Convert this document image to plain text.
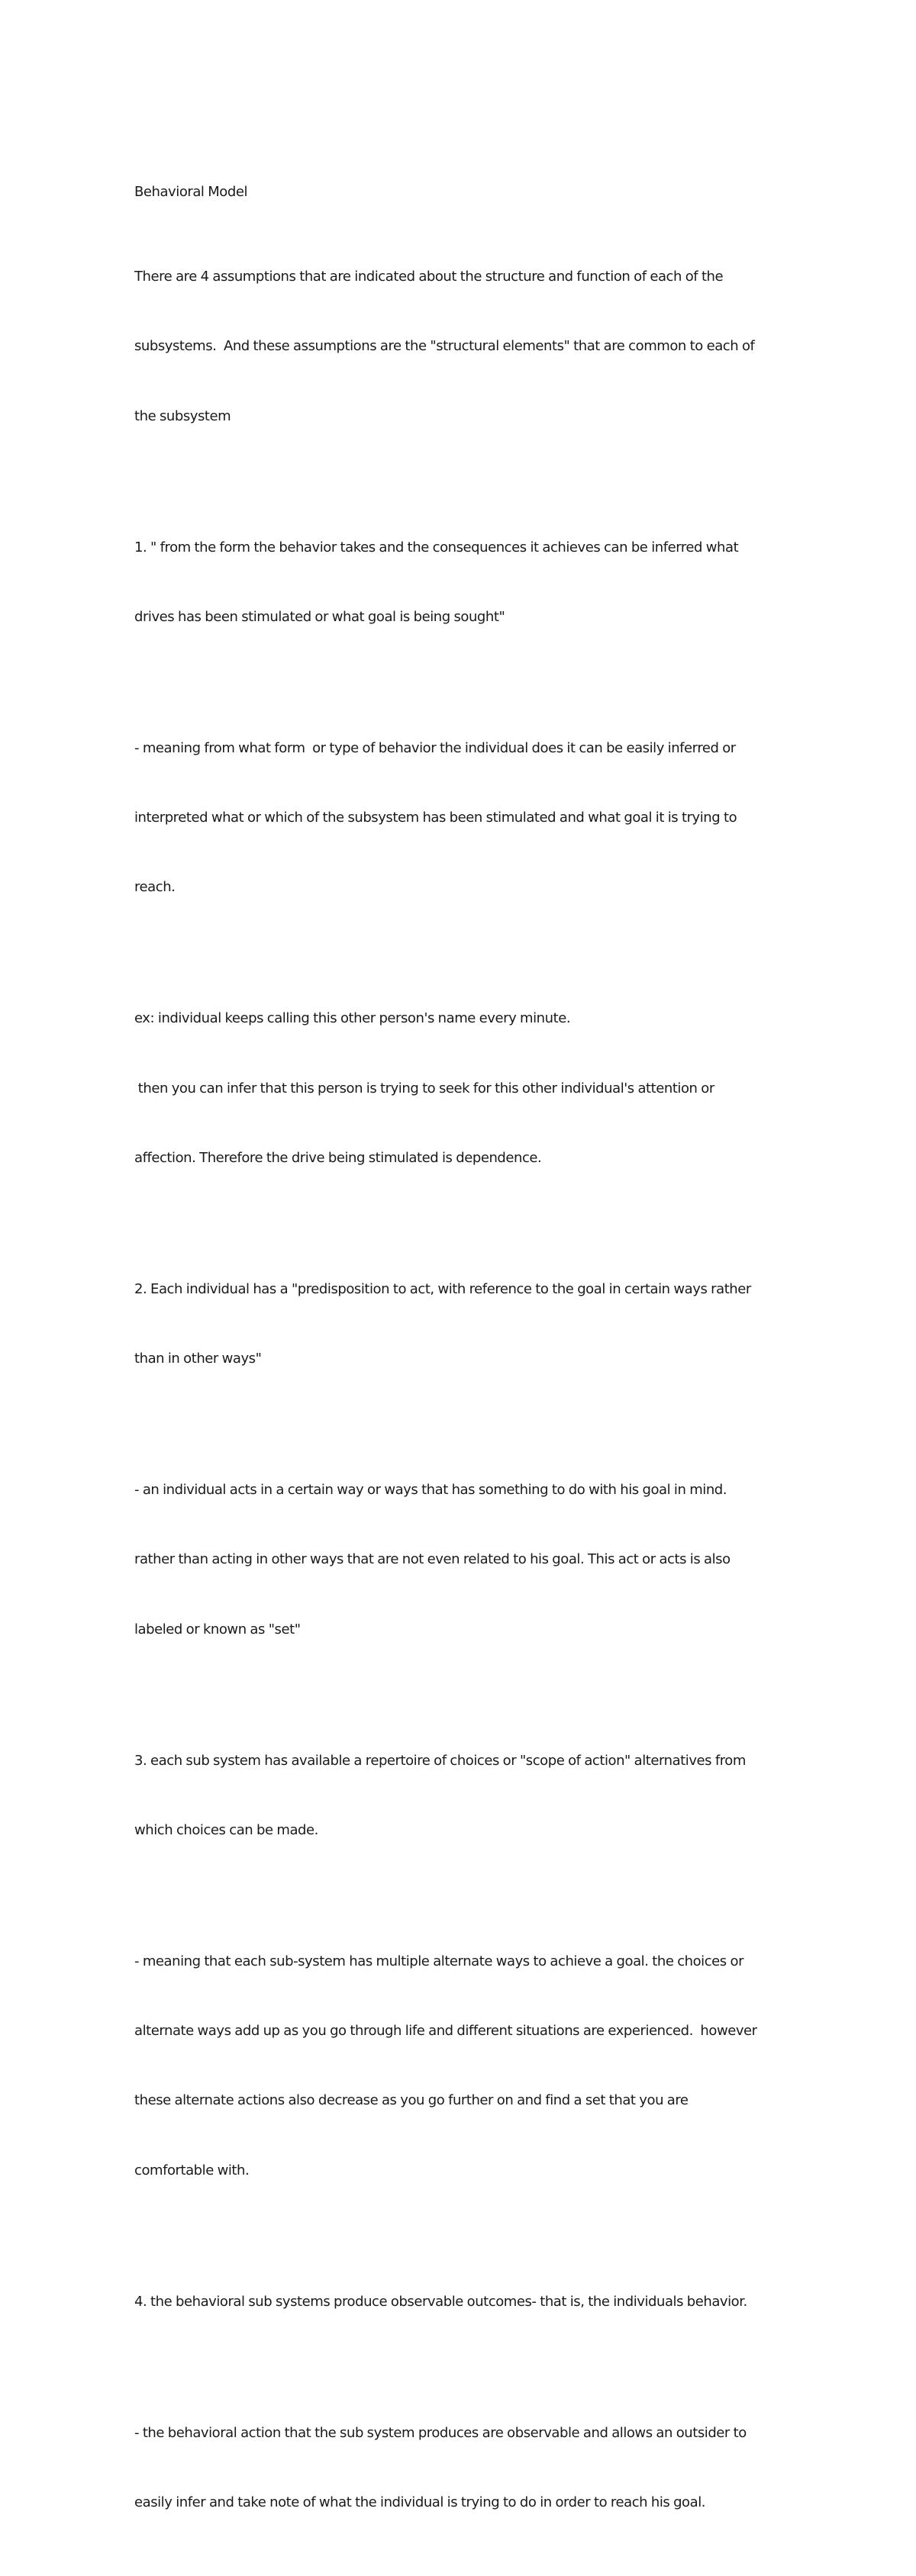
Behavioral Model

There are 4 assumptions that are indicated about the structure and function of each of the

subsystems.  And these assumptions are the "structural elements" that are common to each of

the subsystem

1. " from the form the behavior takes and the consequences it achieves can be inferred what

drives has been stimulated or what goal is being sought"

- meaning from what form  or type of behavior the individual does it can be easily inferred or

interpreted what or which of the subsystem has been stimulated and what goal it is trying to

reach.

ex: individual keeps calling this other person's name every minute.

then you can infer that this person is trying to seek for this other individual's attention or

affection. Therefore the drive being stimulated is dependence.

2. Each individual has a "predisposition to act, with reference to the goal in certain ways rather

than in other ways"

- an individual acts in a certain way or ways that has something to do with his goal in mind.

rather than acting in other ways that are not even related to his goal. This act or acts is also

labeled or known as "set"

3. each sub system has available a repertoire of choices or "scope of action" alternatives from

which choices can be made.

- meaning that each sub-system has multiple alternate ways to achieve a goal. the choices or

alternate ways add up as you go through life and different situations are experienced.  however

these alternate actions also decrease as you go further on and find a set that you are

comfortable with.

4. the behavioral sub systems produce observable outcomes- that is, the individuals behavior.

- the behavioral action that the sub system produces are observable and allows an outsider to

easily infer and take note of what the individual is trying to do in order to reach his goal.
